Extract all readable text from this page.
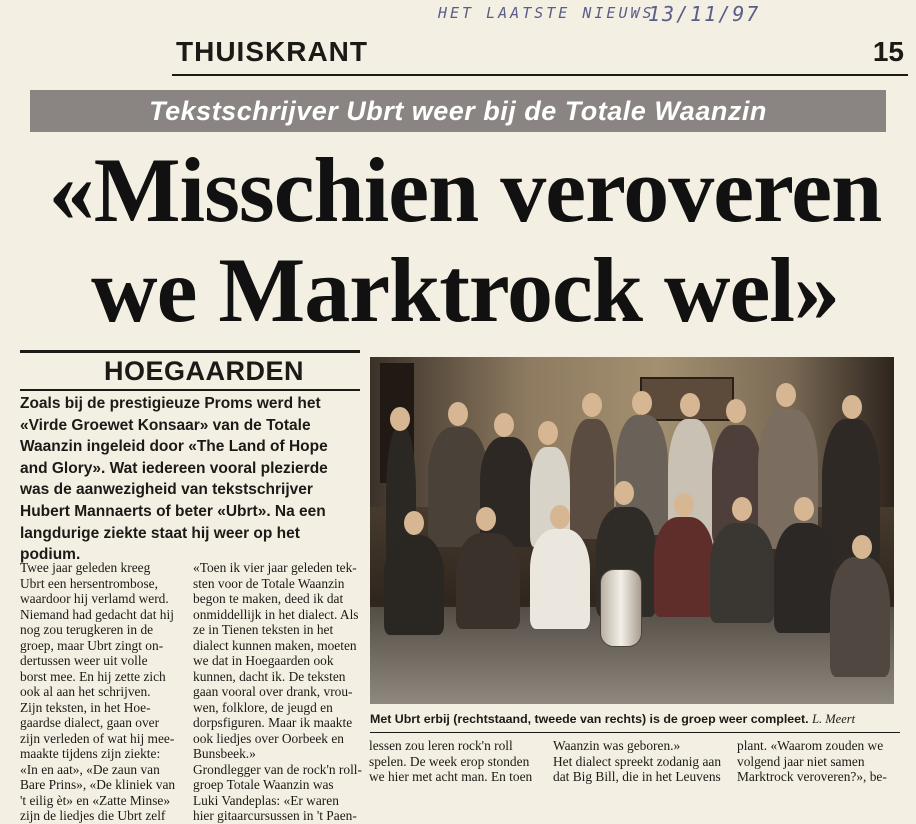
HET LAATSTE NIEUWS
13/11/97
THUISKRANT	15
Tekstschrijver Ubrt weer bij de Totale Waanzin
«Misschien veroveren
we Marktrock wel»
HOEGAARDEN
Zoals bij de prestigieuze Proms werd het
«Virde Groewet Konsaar» van de Totale
Waanzin ingeleid door «The Land of Hope
and Glory». Wat iedereen vooral plezierde
was de aanwezigheid van tekstschrijver
Hubert Mannaerts of beter «Ubrt». Na een
langdurige ziekte staat hij weer op het
podium.
Twee jaar geleden kreeg
Ubrt een hersentrombose,
waardoor hij verlamd werd.
Niemand had gedacht dat hij
nog zou terugkeren in de
groep, maar Ubrt zingt on-
dertussen weer uit volle
borst mee. En hij zette zich
ook al aan het schrijven.
Zijn teksten, in het Hoe-
gaardse dialect, gaan over
zijn verleden of wat hij mee-
maakte tijdens zijn ziekte:
«In en aat», «De zaun van
Bare Prins», «De kliniek van
't eilig èt» en «Zatte Minse»
zijn de liedjes die Ubrt zelf
«Toen ik vier jaar geleden tek-
sten voor de Totale Waanzin
begon te maken, deed ik dat
onmiddellijk in het dialect. Als
ze in Tienen teksten in het
dialect kunnen maken, moeten
we dat in Hoegaarden ook
kunnen, dacht ik. De teksten
gaan vooral over drank, vrou-
wen, folklore, de jeugd en
dorpsfiguren. Maar ik maakte
ook liedjes over Oorbeek en
Bunsbeek.»
Grondlegger van de rock'n roll-
groep Totale Waanzin was
Luki Vandeplas: «Er waren
hier gitaarcursussen in 't Paen-
Met Ubrt erbij (rechtstaand, tweede van rechts) is de groep weer compleet. L. Meert
lessen zou leren rock'n roll
spelen. De week erop stonden
we hier met acht man. En toen
Waanzin was geboren.»
Het dialect spreekt zodanig aan
dat Big Bill, die in het Leuvens
plant. «Waarom zouden we
volgend jaar niet samen
Marktrock veroveren?», be-
